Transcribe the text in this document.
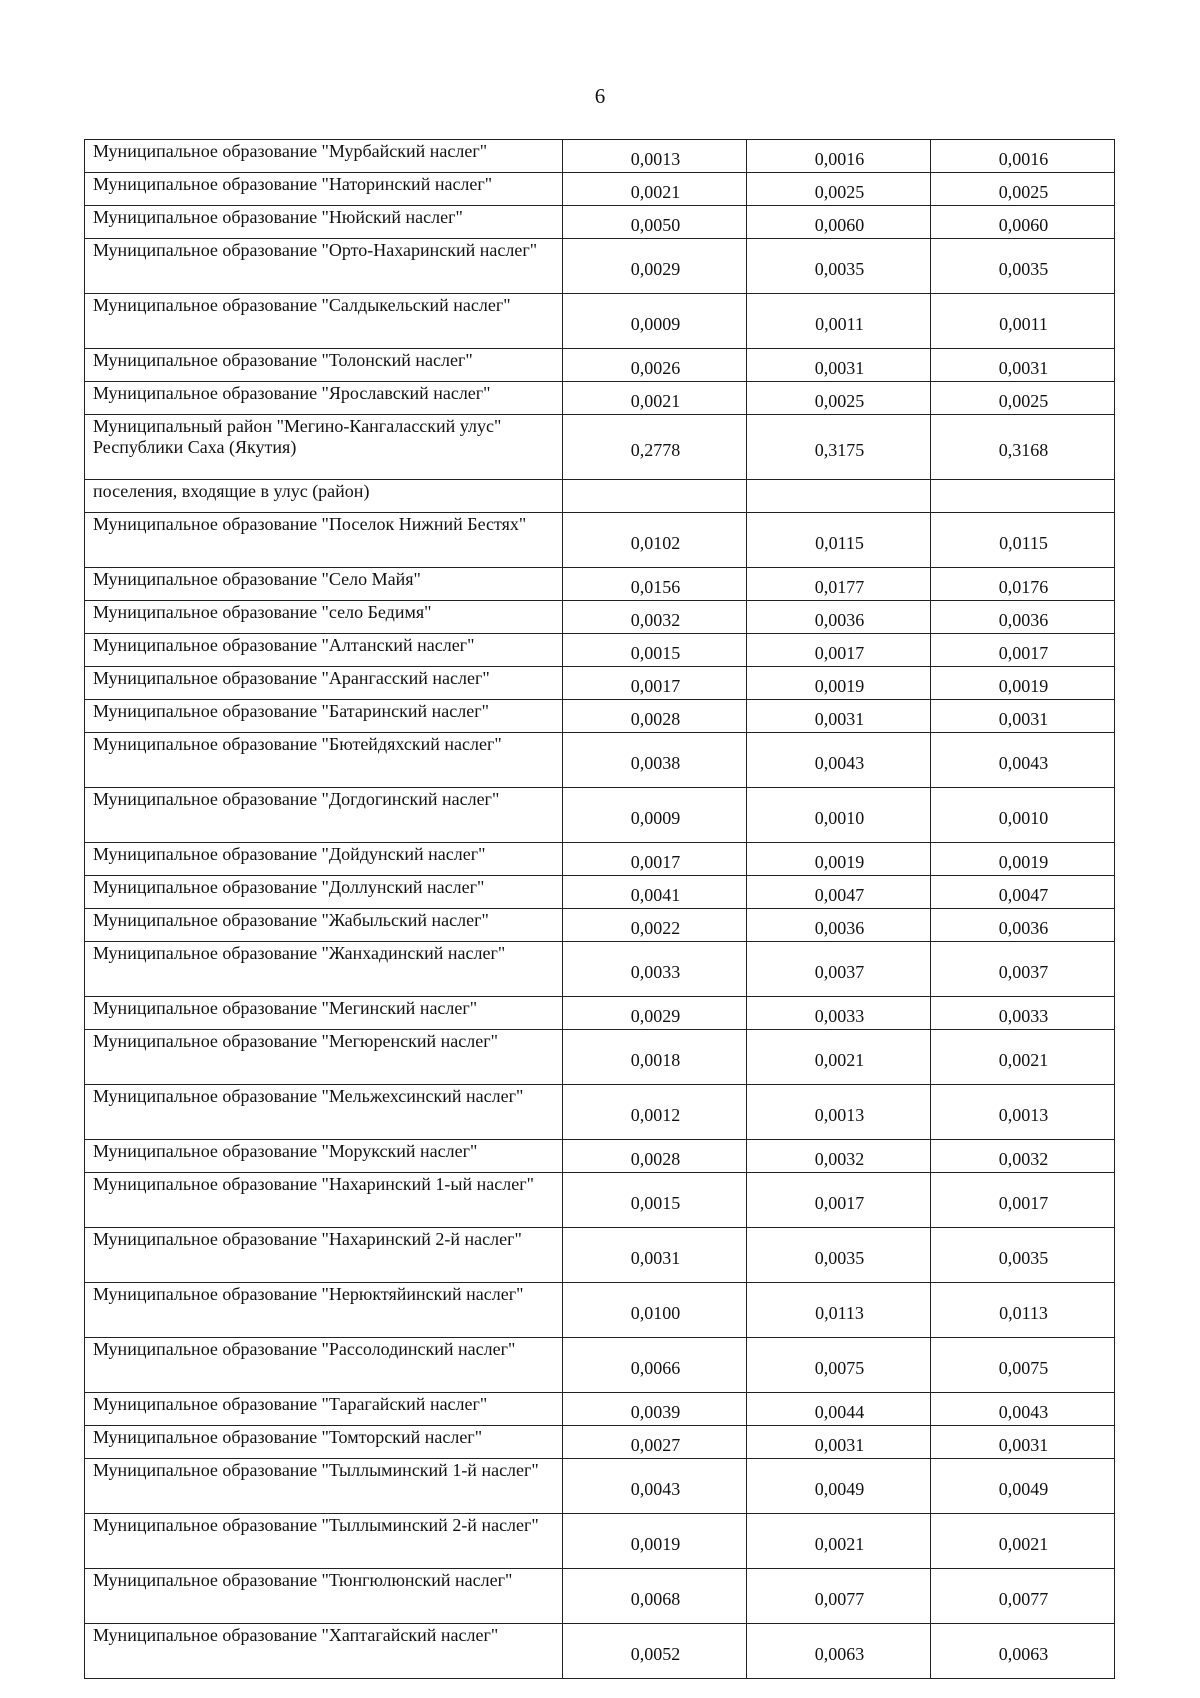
6
Муниципальное образование "Мурбайский наслег"	0,0013	0,0016	0,0016
Муниципальное образование "Наторинский наслег"	0,0021	0,0025	0,0025
Муниципальное образование "Нюйский наслег"	0,0050	0,0060	0,0060
Муниципальное образование "Орто-Нахаринский наслег"	0,0029	0,0035	0,0035
Муниципальное образование "Салдыкельский наслег"	0,0009	0,0011	0,0011
Муниципальное образование "Толонский наслег"	0,0026	0,0031	0,0031
Муниципальное образование "Ярославский наслег"	0,0021	0,0025	0,0025
Муниципальный район "Мегино-Кангаласский улус" Республики Саха (Якутия)	0,2778	0,3175	0,3168
поселения, входящие в улус (район)			
Муниципальное образование "Поселок Нижний Бестях"	0,0102	0,0115	0,0115
Муниципальное образование "Село Майя"	0,0156	0,0177	0,0176
Муниципальное образование "село Бедимя"	0,0032	0,0036	0,0036
Муниципальное образование "Алтанский наслег"	0,0015	0,0017	0,0017
Муниципальное образование "Арангасский наслег"	0,0017	0,0019	0,0019
Муниципальное образование "Батаринский наслег"	0,0028	0,0031	0,0031
Муниципальное образование "Бютейдяхский наслег"	0,0038	0,0043	0,0043
Муниципальное образование "Догдогинский наслег"	0,0009	0,0010	0,0010
Муниципальное образование "Дойдунский наслег"	0,0017	0,0019	0,0019
Муниципальное образование "Доллунский наслег"	0,0041	0,0047	0,0047
Муниципальное образование "Жабыльский наслег"	0,0022	0,0036	0,0036
Муниципальное образование "Жанхадинский наслег"	0,0033	0,0037	0,0037
Муниципальное образование "Мегинский наслег"	0,0029	0,0033	0,0033
Муниципальное образование "Мегюренский наслег"	0,0018	0,0021	0,0021
Муниципальное образование "Мельжехсинский наслег"	0,0012	0,0013	0,0013
Муниципальное образование "Морукский наслег"	0,0028	0,0032	0,0032
Муниципальное образование "Нахаринский 1-ый наслег"	0,0015	0,0017	0,0017
Муниципальное образование "Нахаринский 2-й наслег"	0,0031	0,0035	0,0035
Муниципальное образование "Нерюктяйинский наслег"	0,0100	0,0113	0,0113
Муниципальное образование "Рассолодинский наслег"	0,0066	0,0075	0,0075
Муниципальное образование "Тарагайский наслег"	0,0039	0,0044	0,0043
Муниципальное образование "Томторский наслег"	0,0027	0,0031	0,0031
Муниципальное образование "Тыллыминский 1-й наслег"	0,0043	0,0049	0,0049
Муниципальное образование "Тыллыминский 2-й наслег"	0,0019	0,0021	0,0021
Муниципальное образование "Тюнгюлюнский наслег"	0,0068	0,0077	0,0077
Муниципальное образование "Хаптагайский наслег"	0,0052	0,0063	0,0063
